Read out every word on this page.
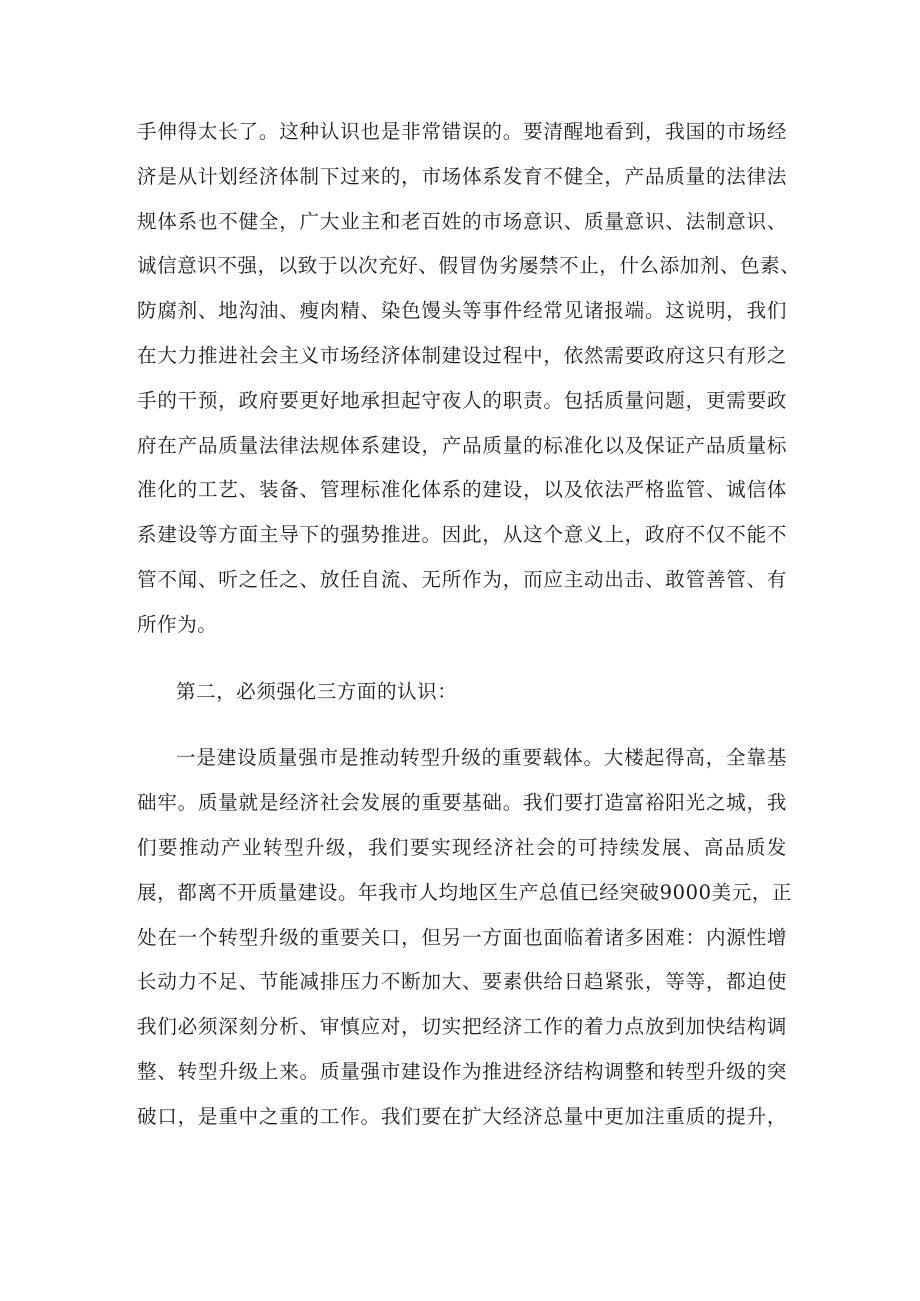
手伸得太长了。这种认识也是非常错误的。要清醒地看到，我国的市场经

济是从计划经济体制下过来的，市场体系发育不健全，产品质量的法律法

规体系也不健全，广大业主和老百姓的市场意识、质量意识、法制意识、

诚信意识不强，以致于以次充好、假冒伪劣屡禁不止，什么添加剂、色素、

防腐剂、地沟油、瘦肉精、染色馒头等事件经常见诸报端。这说明，我们

在大力推进社会主义市场经济体制建设过程中，依然需要政府这只有形之

手的干预，政府要更好地承担起守夜人的职责。包括质量问题，更需要政

府在产品质量法律法规体系建设，产品质量的标准化以及保证产品质量标

准化的工艺、装备、管理标准化体系的建设，以及依法严格监管、诚信体

系建设等方面主导下的强势推进。因此，从这个意义上，政府不仅不能不

管不闻、听之任之、放任自流、无所作为，而应主动出击、敢管善管、有

所作为。

第二，必须强化三方面的认识：

一是建设质量强市是推动转型升级的重要载体。大楼起得高，全靠基

础牢。质量就是经济社会发展的重要基础。我们要打造富裕阳光之城，我

们要推动产业转型升级，我们要实现经济社会的可持续发展、高品质发

展，都离不开质量建设。年我市人均地区生产总值已经突破9000美元，正

处在一个转型升级的重要关口，但另一方面也面临着诸多困难：内源性增

长动力不足、节能减排压力不断加大、要素供给日趋紧张，等等，都迫使

我们必须深刻分析、审慎应对，切实把经济工作的着力点放到加快结构调

整、转型升级上来。质量强市建设作为推进经济结构调整和转型升级的突

破口，是重中之重的工作。我们要在扩大经济总量中更加注重质的提升，
